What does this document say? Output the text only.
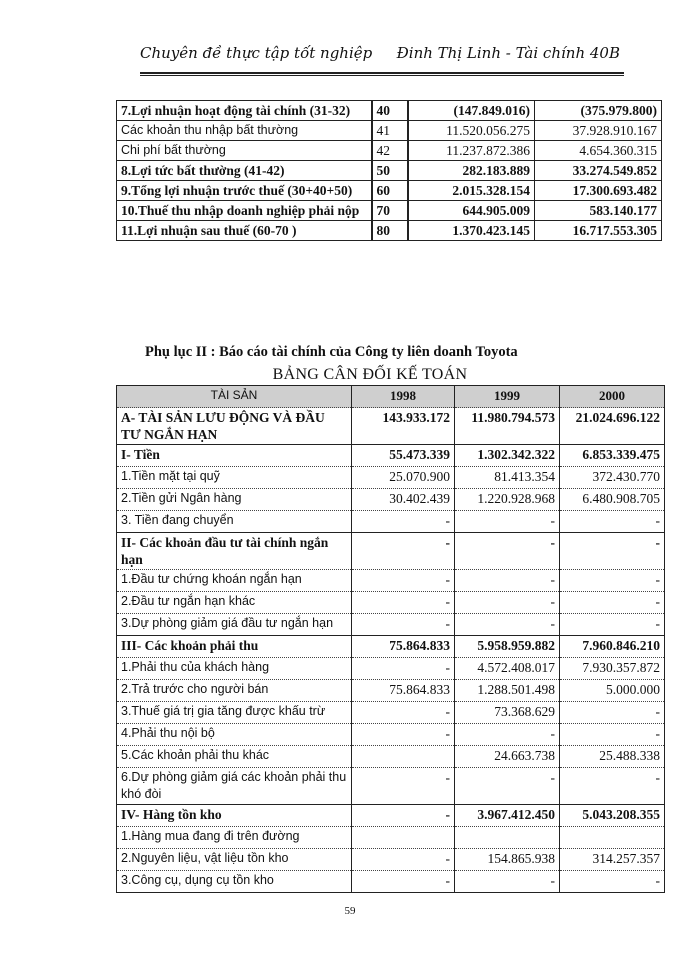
Chuyên đề thực tập tốt nghiệp Đinh Thị Linh - Tài chính 40B
7.Lợi nhuận hoạt động tài chính (31-32)	40	(147.849.016)	(375.979.800)
Các khoản thu nhập bất thường	41	11.520.056.275	37.928.910.167
Chi phí bất thường	42	11.237.872.386	4.654.360.315
8.Lợi tức bất thường (41-42)	50	282.183.889	33.274.549.852
9.Tổng lợi nhuận trước thuế (30+40+50)	60	2.015.328.154	17.300.693.482
10.Thuế thu nhập doanh nghiệp phải nộp	70	644.905.009	583.140.177
11.Lợi nhuận sau thuế (60-70 )	80	1.370.423.145	16.717.553.305
Phụ lục II : Báo cáo tài chính của Công ty liên doanh Toyota
BẢNG CÂN ĐỐI KẾ TOÁN
TÀI SẢN	1998	1999	2000
A- TÀI SẢN LƯU ĐỘNG VÀ ĐẦU TƯ NGẮN HẠN	143.933.172	11.980.794.573	21.024.696.122
I- Tiền	55.473.339	1.302.342.322	6.853.339.475
1.Tiền mặt tại quỹ	25.070.900	81.413.354	372.430.770
2.Tiền gửi Ngân hàng	30.402.439	1.220.928.968	6.480.908.705
3. Tiền đang chuyển	-	-	-
II- Các khoản đầu tư tài chính ngắn hạn	-	-	-
1.Đầu tư chứng khoán ngắn hạn	-	-	-
2.Đầu tư ngắn hạn khác	-	-	-
3.Dự phòng giảm giá đầu tư ngắn hạn	-	-	-
III- Các khoản phải thu	75.864.833	5.958.959.882	7.960.846.210
1.Phải thu của khách hàng	-	4.572.408.017	7.930.357.872
2.Trả trước cho người bán	75.864.833	1.288.501.498	5.000.000
3.Thuế giá trị gia tăng được khấu trừ	-	73.368.629	-
4.Phải thu nội bộ	-	-	-
5.Các khoản phải thu khác		24.663.738	25.488.338
6.Dự phòng giảm giá các khoản phải thu khó đòi	-	-	-
IV- Hàng tồn kho	-	3.967.412.450	5.043.208.355
1.Hàng mua đang đi trên đường			
2.Nguyên liệu, vật liệu tồn kho	-	154.865.938	314.257.357
3.Công cụ, dụng cụ tồn kho	-	-	-
59
